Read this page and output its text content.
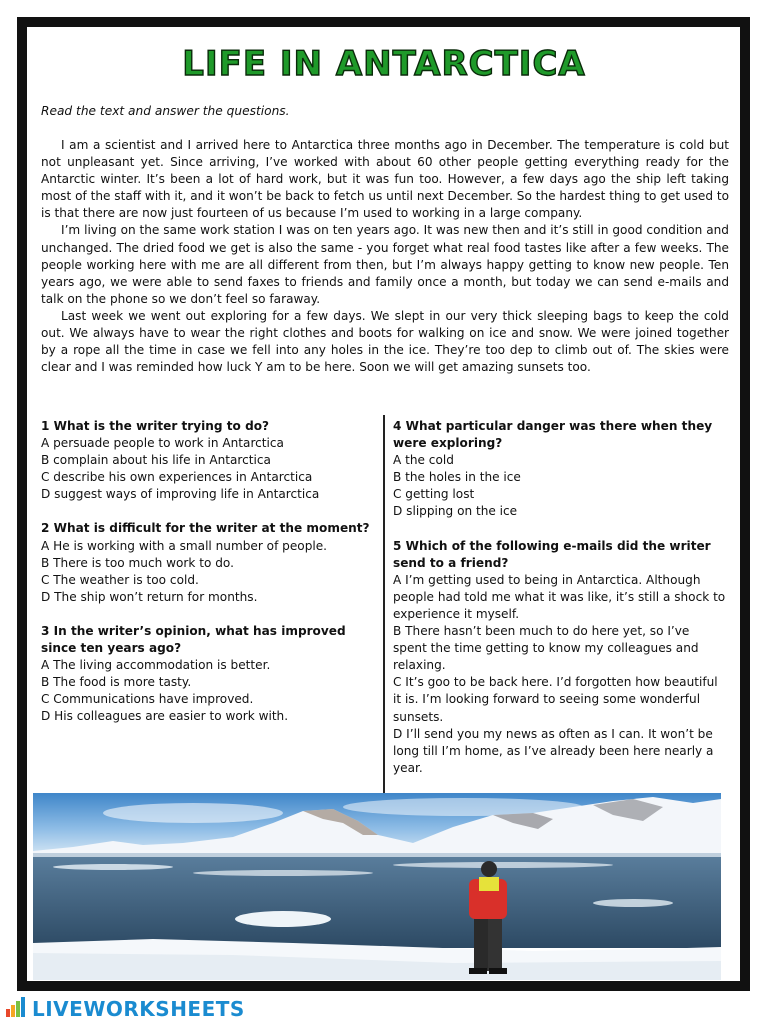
LIFE IN ANTARCTICA
Read the text and answer the questions.

I am a scientist and I arrived here to Antarctica three months ago in December. The temperature is cold but not unpleasant yet. Since arriving, I’ve worked with about 60 other people getting everything ready for the Antarctic winter. It’s been a lot of hard work, but it was fun too. However, a few days ago the ship left taking most of the staff with it, and it won’t be back to fetch us until next December. So the hardest thing to get used to is that there are now just fourteen of us because I’m used to working in a large company.

I’m living on the same work station I was on ten years ago. It was new then and it’s still in good condition and unchanged. The dried food we get is also the same - you forget what real food tastes like after a few weeks. The people working here with me are all different from then, but I’m always happy getting to know new people. Ten years ago, we were able to send faxes to friends and family once a month, but today we can send e-mails and talk on the phone so we don’t feel so faraway.

Last week we went out exploring for a few days. We slept in our very thick sleeping bags to keep the cold out. We always have to wear the right clothes and boots for walking on ice and snow. We were joined together by a rope all the time in case we fell into any holes in the ice. They’re too dep to climb out of. The skies were clear and I was reminded how luck Y am to be here. Soon we will get amazing sunsets too.

1 What is the writer trying to do?
A persuade people to work in Antarctica
B complain about his life in Antarctica
C describe his own experiences in Antarctica
D suggest ways of improving life in Antarctica
2 What is difficult for the writer at the moment?
A He is working with a small number of people.
B There is too much work to do.
C The weather is too cold.
D The ship won’t return for months.
3 In the writer’s opinion, what has improved since ten years ago?
A The living accommodation is better.
B The food is more tasty.
C Communications have improved.
D His colleagues are easier to work with.
4 What particular danger was there when they were exploring?
A the cold
B the holes in the ice
C getting lost
D slipping on the ice
5 Which of the following e-mails did the writer send to a friend?
A I’m getting used to being in Antarctica. Although people had told me what it was like, it’s still a shock to experience it myself.
B There hasn’t been much to do here yet, so I’ve spent the time getting to know my colleagues and relaxing.
C It’s goo to be back here. I’d forgotten how beautiful it is. I’m looking forward to seeing some wonderful sunsets.
D I’ll send you my news as often as I can. It won’t be long till I’m home, as I’ve already been here nearly a year.
LIVEWORKSHEETS
